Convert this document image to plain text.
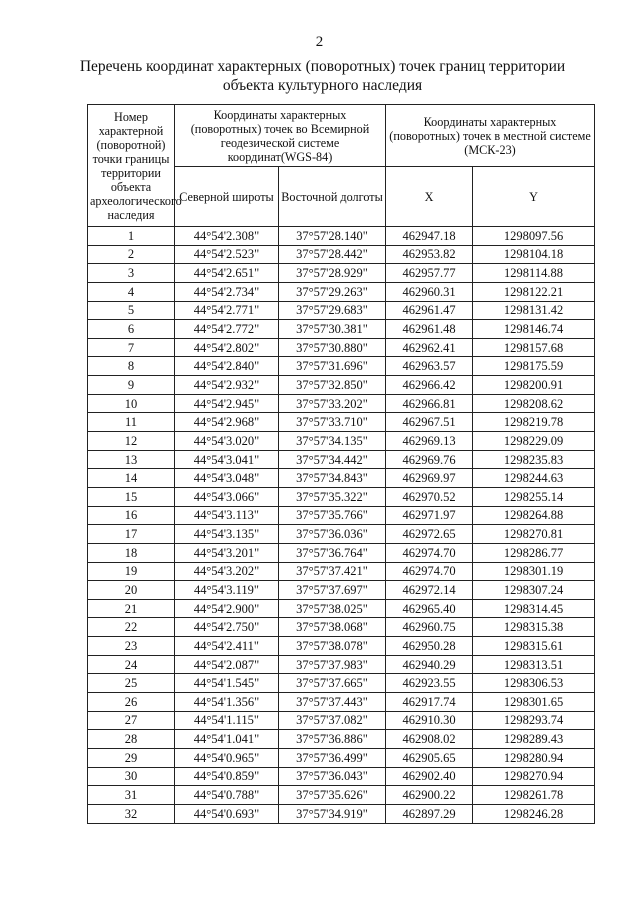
2
Перечень координат характерных (поворотных) точек границ территории
объекта культурного наследия
Номер характерной (поворотной) точки границы территории объекта археологического наследия	Координаты характерных (поворотных) точек во Всемирной геодезической системе координат(WGS-84)		Координаты характерных (поворотных) точек в местной системе (МСК-23)	
	Северной широты	Восточной долготы	X	Y
1	44°54'2.308"	37°57'28.140"	462947.18	1298097.56
2	44°54'2.523"	37°57'28.442"	462953.82	1298104.18
3	44°54'2.651"	37°57'28.929"	462957.77	1298114.88
4	44°54'2.734"	37°57'29.263"	462960.31	1298122.21
5	44°54'2.771"	37°57'29.683"	462961.47	1298131.42
6	44°54'2.772"	37°57'30.381"	462961.48	1298146.74
7	44°54'2.802"	37°57'30.880"	462962.41	1298157.68
8	44°54'2.840"	37°57'31.696"	462963.57	1298175.59
9	44°54'2.932"	37°57'32.850"	462966.42	1298200.91
10	44°54'2.945"	37°57'33.202"	462966.81	1298208.62
11	44°54'2.968"	37°57'33.710"	462967.51	1298219.78
12	44°54'3.020"	37°57'34.135"	462969.13	1298229.09
13	44°54'3.041"	37°57'34.442"	462969.76	1298235.83
14	44°54'3.048"	37°57'34.843"	462969.97	1298244.63
15	44°54'3.066"	37°57'35.322"	462970.52	1298255.14
16	44°54'3.113"	37°57'35.766"	462971.97	1298264.88
17	44°54'3.135"	37°57'36.036"	462972.65	1298270.81
18	44°54'3.201"	37°57'36.764"	462974.70	1298286.77
19	44°54'3.202"	37°57'37.421"	462974.70	1298301.19
20	44°54'3.119"	37°57'37.697"	462972.14	1298307.24
21	44°54'2.900"	37°57'38.025"	462965.40	1298314.45
22	44°54'2.750"	37°57'38.068"	462960.75	1298315.38
23	44°54'2.411"	37°57'38.078"	462950.28	1298315.61
24	44°54'2.087"	37°57'37.983"	462940.29	1298313.51
25	44°54'1.545"	37°57'37.665"	462923.55	1298306.53
26	44°54'1.356"	37°57'37.443"	462917.74	1298301.65
27	44°54'1.115"	37°57'37.082"	462910.30	1298293.74
28	44°54'1.041"	37°57'36.886"	462908.02	1298289.43
29	44°54'0.965"	37°57'36.499"	462905.65	1298280.94
30	44°54'0.859"	37°57'36.043"	462902.40	1298270.94
31	44°54'0.788"	37°57'35.626"	462900.22	1298261.78
32	44°54'0.693"	37°57'34.919"	462897.29	1298246.28
